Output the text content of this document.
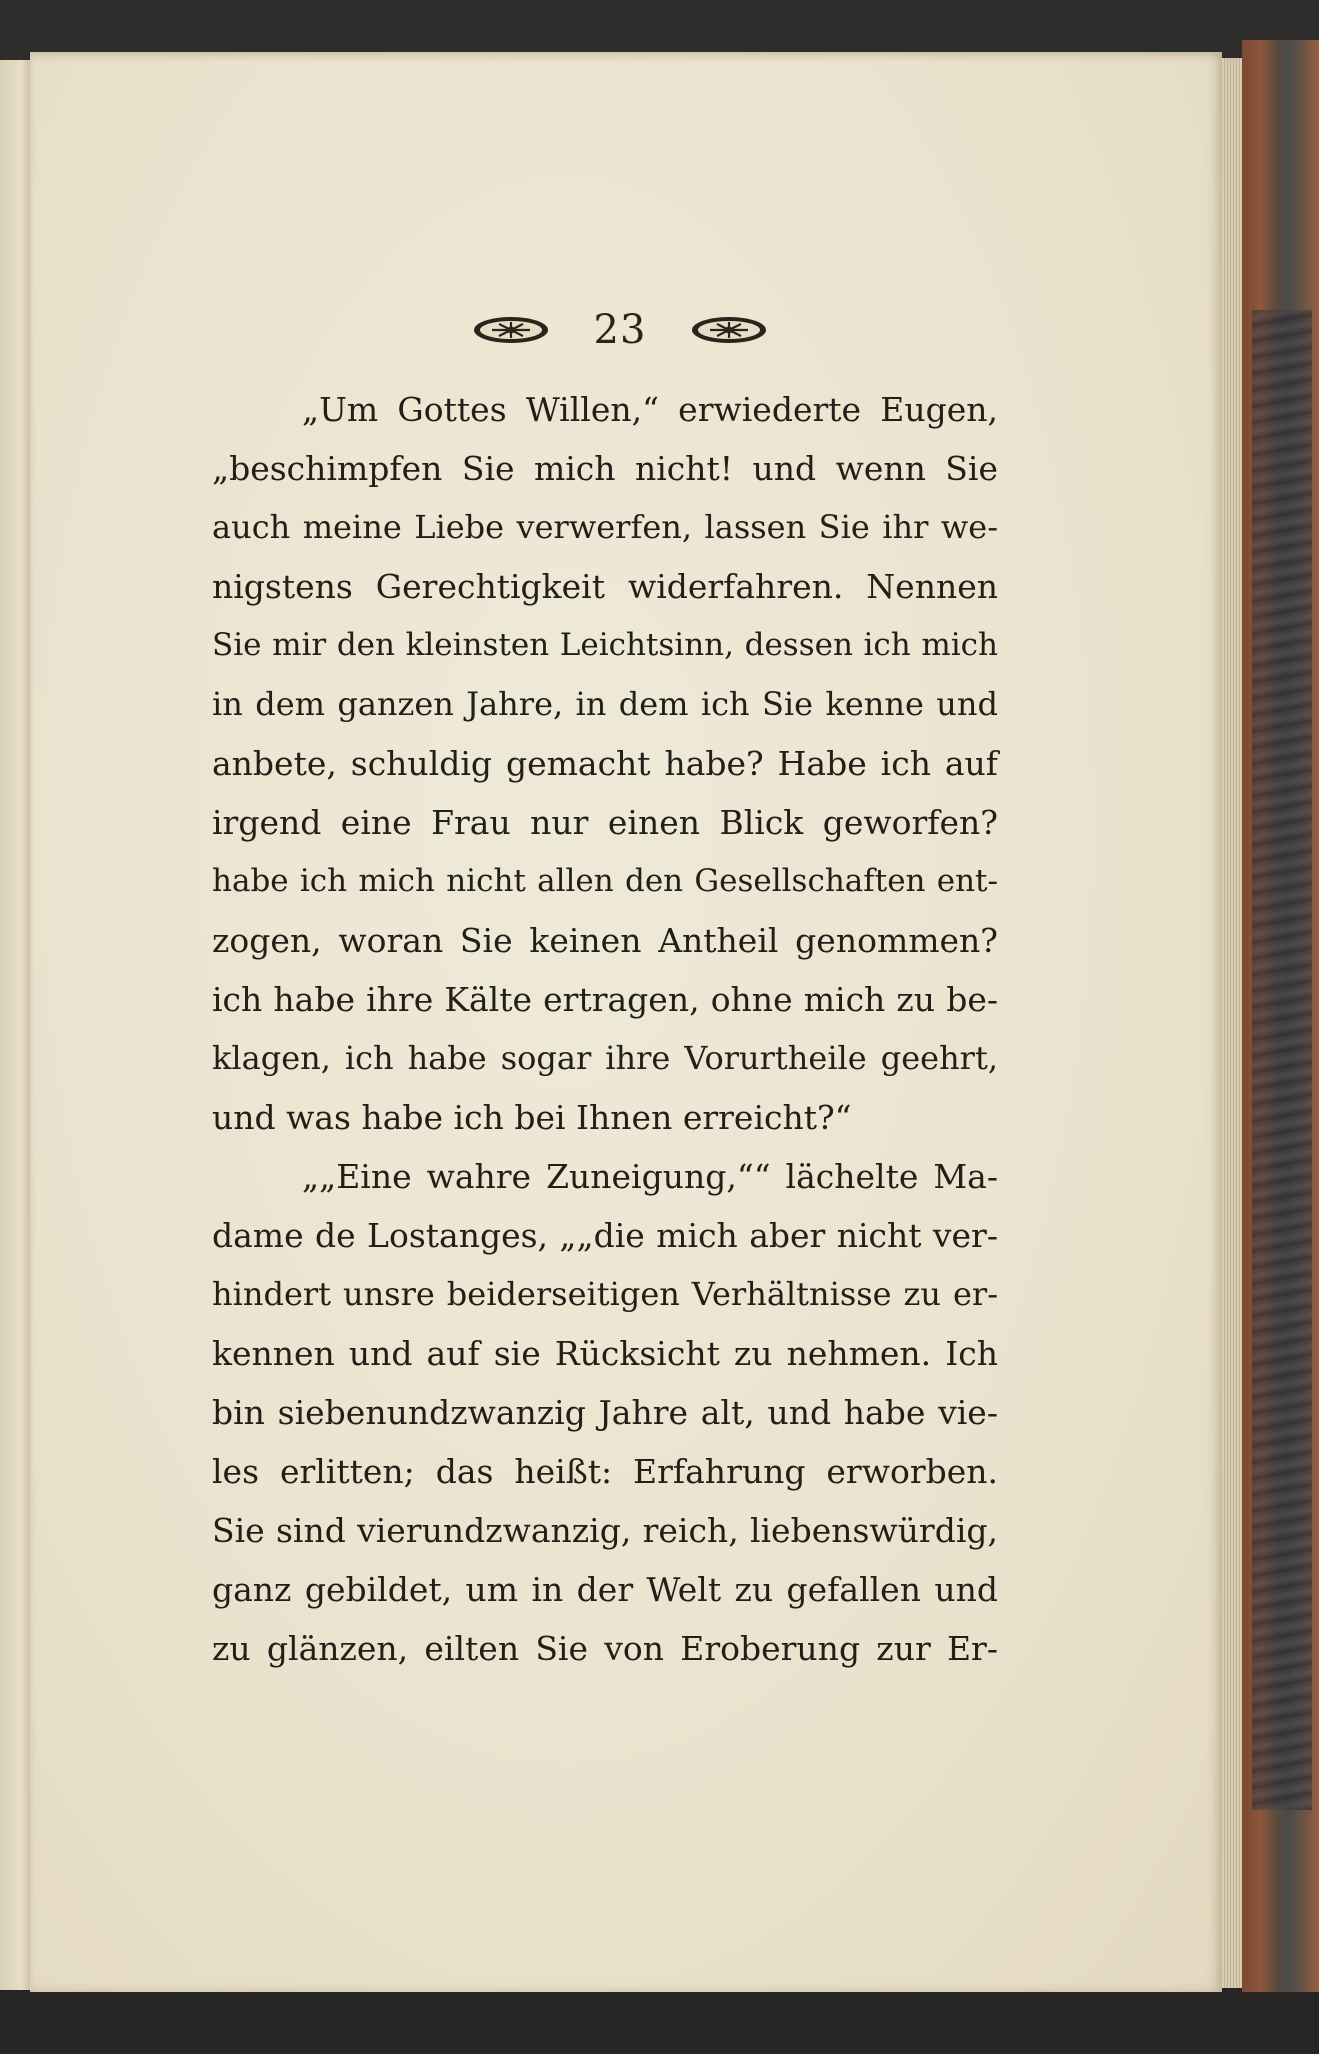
23
„Um Gottes Willen,“ erwiederte Eugen,
„beschimpfen Sie mich nicht! und wenn Sie
auch meine Liebe verwerfen, lassen Sie ihr we-
nigstens Gerechtigkeit widerfahren. Nennen
Sie mir den kleinsten Leichtsinn, dessen ich mich
in dem ganzen Jahre, in dem ich Sie kenne und
anbete, schuldig gemacht habe? Habe ich auf
irgend eine Frau nur einen Blick geworfen?
habe ich mich nicht allen den Gesellschaften ent-
zogen, woran Sie keinen Antheil genommen?
ich habe ihre Kälte ertragen, ohne mich zu be-
klagen, ich habe sogar ihre Vorurtheile geehrt,
und was habe ich bei Ihnen erreicht?“
„„Eine wahre Zuneigung,““ lächelte Ma-
dame de Lostanges, „„die mich aber nicht ver-
hindert unsre beiderseitigen Verhältnisse zu er-
kennen und auf sie Rücksicht zu nehmen. Ich
bin siebenundzwanzig Jahre alt, und habe vie-
les erlitten; das heißt: Erfahrung erworben.
Sie sind vierundzwanzig, reich, liebenswürdig,
ganz gebildet, um in der Welt zu gefallen und
zu glänzen, eilten Sie von Eroberung zur Er-
